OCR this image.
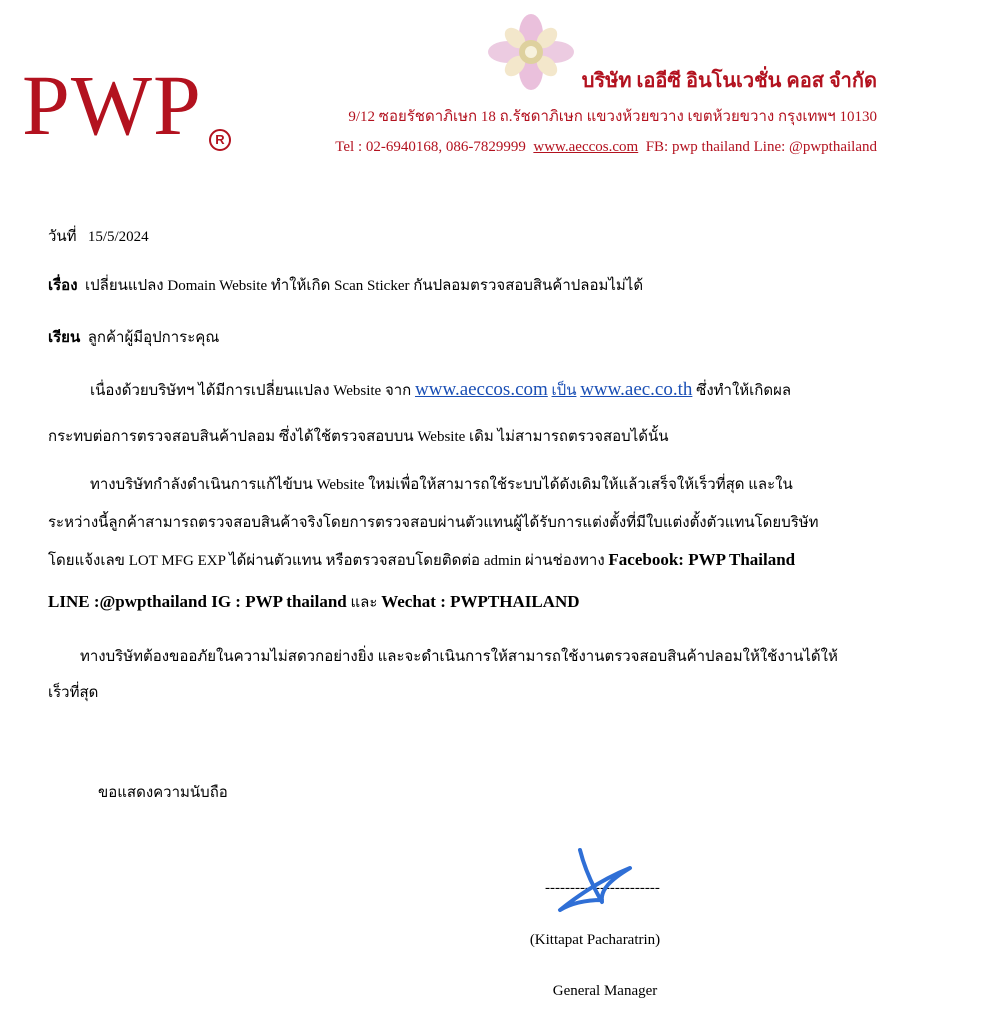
PWP	R
บริษัท เออีซี อินโนเวชั่น คอส จำกัด
9/12 ซอยรัชดาภิเษก 18 ถ.รัชดาภิเษก แขวงห้วยขวาง เขตห้วยขวาง กรุงเทพฯ 10130
Tel : 02-6940168, 086-7829999 www.aeccos.com FB: pwp thailand Line: @pwpthailand
วันที่ 15/5/2024
เรื่อง เปลี่ยนแปลง Domain Website ทำให้เกิด Scan Sticker กันปลอมตรวจสอบสินค้าปลอมไม่ได้
เรียน ลูกค้าผู้มีอุปการะคุณ
เนื่องด้วยบริษัทฯ ได้มีการเปลี่ยนแปลง Website จาก www.aeccos.com เป็น www.aec.co.th ซึ่งทำให้เกิดผล
กระทบต่อการตรวจสอบสินค้าปลอม ซึ่งได้ใช้ตรวจสอบบน Website เดิม ไม่สามารถตรวจสอบได้นั้น
ทางบริษัทกำลังดำเนินการแก้ไข้บน Website ใหม่เพื่อให้สามารถใช้ระบบได้ดังเดิมให้แล้วเสร็จให้เร็วที่สุด และใน
ระหว่างนี้ลูกค้าสามารถตรวจสอบสินค้าจริงโดยการตรวจสอบผ่านตัวแทนผู้ได้รับการแต่งตั้งที่มีใบแต่งตั้งตัวแทนโดยบริษัท
โดยแจ้งเลข LOT MFG EXP ได้ผ่านตัวแทน หรือตรวจสอบโดยติดต่อ admin ผ่านช่องทาง Facebook: PWP Thailand
LINE :@pwpthailand IG : PWP thailand และ Wechat : PWPTHAILAND
ทางบริษัทต้องขออภัยในความไม่สดวกอย่างยิ่ง และจะดำเนินการให้สามารถใช้งานตรวจสอบสินค้าปลอมให้ใช้งานได้ให้
เร็วที่สุด
ขอแสดงความนับถือ
-----------------------
(Kittapat Pacharatrin)
General Manager
